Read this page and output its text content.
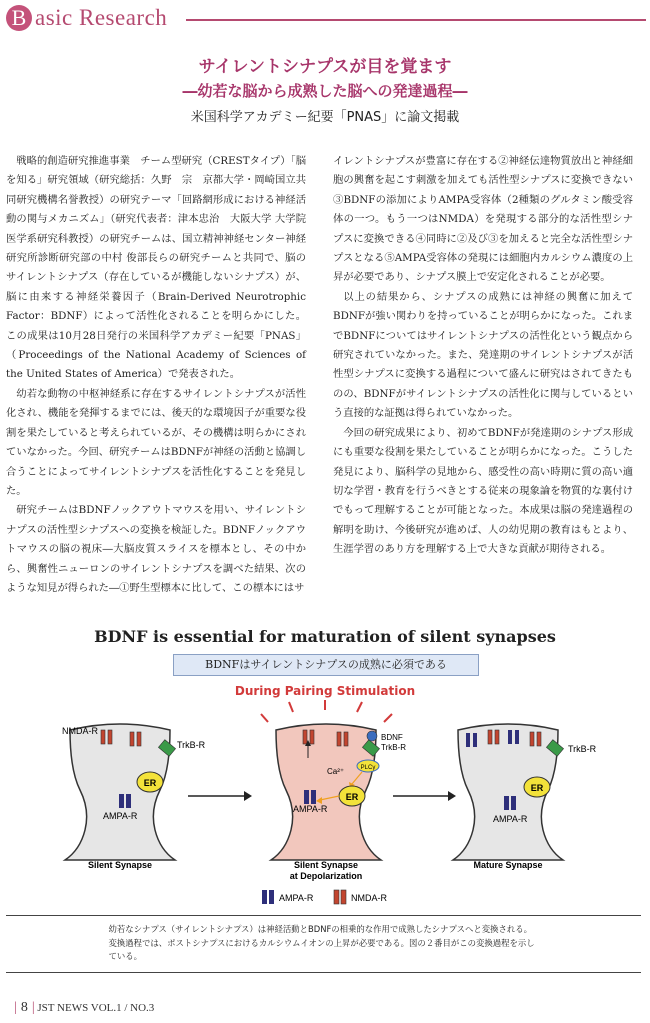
B asic Research
サイレントシナプスが目を覚ます
―幼若な脳から成熟した脳への発達過程―
米国科学アカデミー紀要「PNAS」に論文掲載

戦略的創造研究推進事業　チーム型研究（CRESTタイプ）「脳を知る」研究領域（研究総括：久野　宗　京都大学・岡崎国立共同研究機構名誉教授）の研究テーマ「回路網形成における神経活動の関与メカニズム」（研究代表者：津本忠治　大阪大学 大学院医学系研究科教授）の研究チームは、国立精神神経センター神経研究所診断研究部の中村 俊部長らの研究チームと共同で、脳のサイレントシナプス（存在しているが機能しないシナプス）が、脳に由来する神経栄養因子（Brain-Derived Neurotrophic Factor：BDNF）によって活性化されることを明らかにした。この成果は10月28日発行の米国科学アカデミー紀要「PNAS」（Proceedings of the National Academy of Sciences of the United States of America）で発表された。

幼若な動物の中枢神経系に存在するサイレントシナプスが活性化され、機能を発揮するまでには、後天的な環境因子が重要な役割を果たしていると考えられているが、その機構は明らかにされていなかった。今回、研究チームはBDNFが神経の活動と協調し合うことによってサイレントシナプスを活性化することを発見した。

研究チームはBDNFノックアウトマウスを用い、サイレントシナプスの活性型シナプスへの変換を検証した。BDNFノックアウトマウスの脳の視床―大脳皮質スライスを標本とし、その中から、興奮性ニューロンのサイレントシナプスを調べた結果、次のような知見が得られた―①野生型標本に比して、この標本にはサ

イレントシナプスが豊富に存在する②神経伝達物質放出と神経細胞の興奮を起こす刺激を加えても活性型シナプスに変換できない③BDNFの添加によりAMPA受容体（2種類のグルタミン酸受容体の一つ。もう一つはNMDA）を発現する部分的な活性型シナプスに変換できる④同時に②及び③を加えると完全な活性型シナプスとなる⑤AMPA受容体の発現には細胞内カルシウム濃度の上昇が必要であり、シナプス膜上で安定化されることが必要。

以上の結果から、シナプスの成熟には神経の興奮に加えてBDNFが強い関わりを持っていることが明らかになった。これまでBDNFについてはサイレントシナプスの活性化という観点から研究されていなかった。また、発達期のサイレントシナプスが活性型シナプスに変換する過程について盛んに研究はされてきたものの、BDNFがサイレントシナプスの活性化に関与しているという直接的な証拠は得られていなかった。

今回の研究成果により、初めてBDNFが発達期のシナプス形成にも重要な役割を果たしていることが明らかになった。こうした発見により、脳科学の見地から、感受性の高い時期に質の高い適切な学習・教育を行うべきとする従来の現象論を物質的な裏付けでもって理解することが可能となった。本成果は脳の発達過程の解明を助け、今後研究が進めば、人の幼児期の教育はもとより、生涯学習のあり方を理解する上で大きな貢献が期待される。

BDNF is essential for maturation of silent synapses
BDNFはサイレントシナプスの成熟に必須である
During Pairing Stimulation
ER
NMDA-R
TrkB-R
AMPA-R
Silent Synapse
PLCγ
ER
Ca²⁺
BDNF
TrkB-R
AMPA-R
Silent Synapse
at Depolarization
ER
TrkB-R
AMPA-R
Mature Synapse
AMPA-R	NMDA-R

幼若なシナプス（サイレントシナプス）は神経活動とBDNFの相乗的な作用で成熟したシナプスへと変換される。変換過程では、ポストシナプスにおけるカルシウムイオンの上昇が必要である。図の２番目がこの変換過程を示している。

| 8 | JST NEWS VOL.1 / NO.3
